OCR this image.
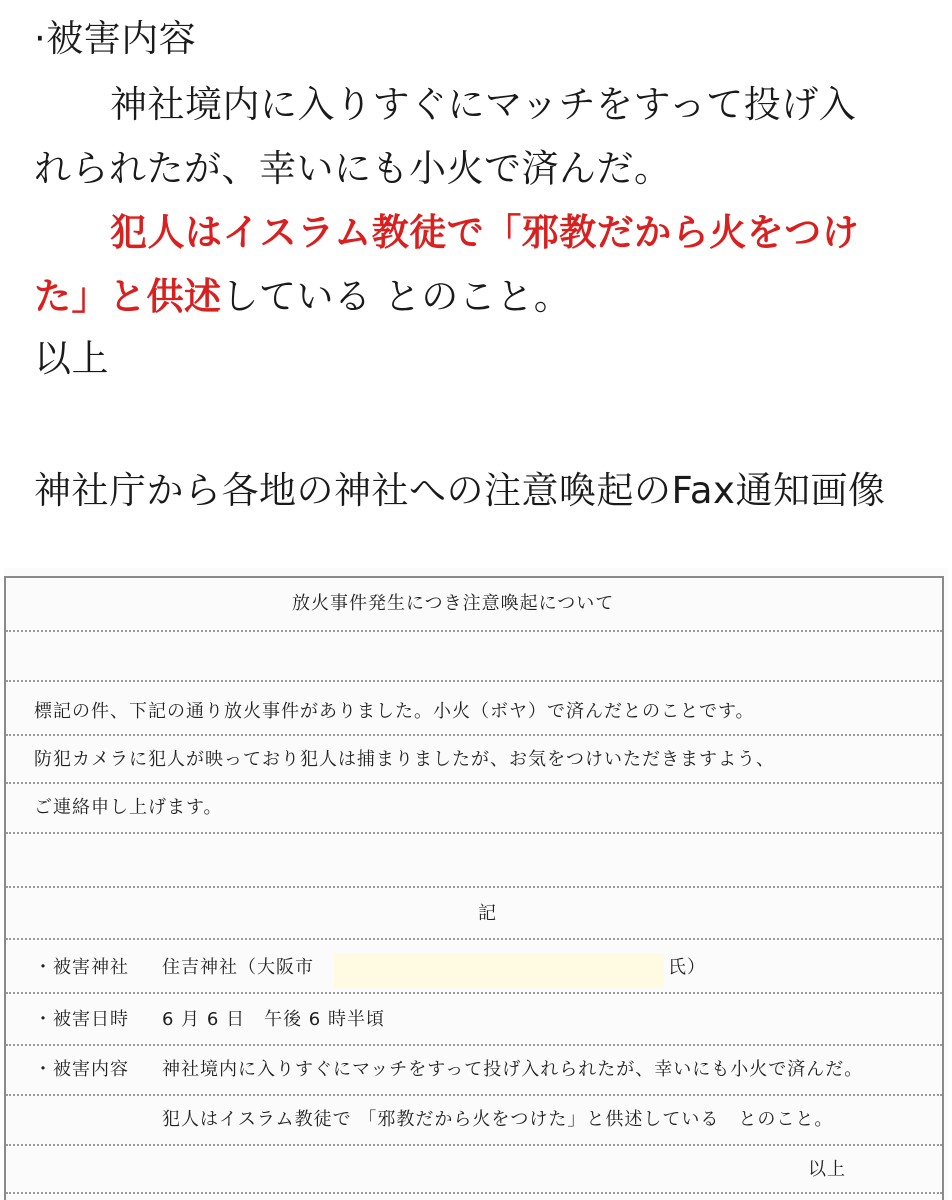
·被害内容
神社境内に入りすぐにマッチをすって投げ入
れられたが、幸いにも小火で済んだ。
犯人はイスラム教徒で「邪教だから火をつけ
た」と供述している とのこと。
以上
神社庁から各地の神社への注意喚起のFax通知画像
放火事件発生につき注意喚起について
標記の件、下記の通り放火事件がありました。小火（ボヤ）で済んだとのことです。
防犯カメラに犯人が映っており犯人は捕まりましたが、お気をつけいただきますよう、
ご連絡申し上げます。
記
・被害神社 住吉神社（大阪市	氏）
・被害日時 6 月 6 日　午後 6 時半頃
・被害内容 神社境内に入りすぐにマッチをすって投げ入れられたが、幸いにも小火で済んだ。
犯人はイスラム教徒で 「邪教だから火をつけた」と供述している　とのこと。
以上
